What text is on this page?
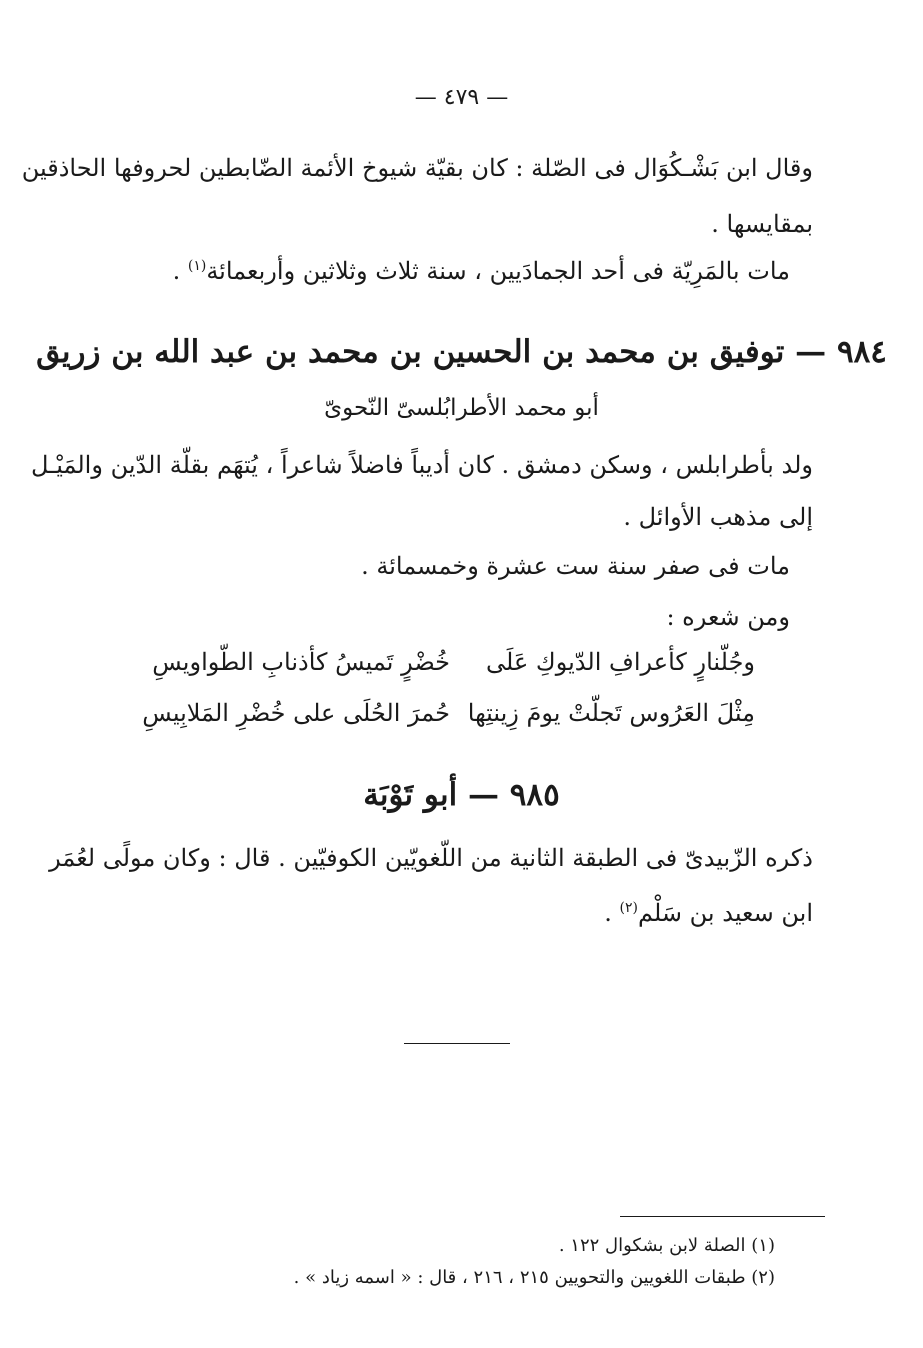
— ٤٧٩ —
وقال ابن بَشْـكُوَال فى الصّلة : كان بقيّة شيوخ الأئمة الضّابطين لحروفها الحاذقين
بمقايسها .
مات بالمَرِيّة فى أحد الجمادَيين ، سنة ثلاث وثلاثين وأربعمائة$^{(١)}$ .
٩٨٤ — توفيق بن محمد بن الحسين بن محمد بن عبد الله بن زريق
أبو محمد الأطرابُلسىّ النّحوىّ
ولد بأطرابلس ، وسكن دمشق . كان أديباً فاضلاً شاعراً ، يُتهَم بقلّة الدّين والمَيْـل
إلى مذهب الأوائل .
مات فى صفر سنة ست عشرة وخمسمائة .
ومن شعره :
وجُلّنارٍ كأعرافِ الدّيوكِ عَلَى
خُضْرٍ تَميسُ كأذنابِ الطّواويسِ
مِثْلَ العَرُوس تَجلّتْ يومَ زِينتِها
حُمرَ الحُلَى على خُضْرِ المَلابِيسِ
٩٨٥ — أبو تَوْبَة
ذكره الزّبيدىّ فى الطبقة الثانية من اللّغويّين الكوفيّين . قال : وكان مولًى لعُمَر
ابن سعيد بن سَلْم$^{(٢)}$ .
(١) الصلة لابن بشكوال ١٢٢ .
(٢) طبقات اللغويين والتحويين ٢١٥ ، ٢١٦ ، قال : « اسمه زياد » .
